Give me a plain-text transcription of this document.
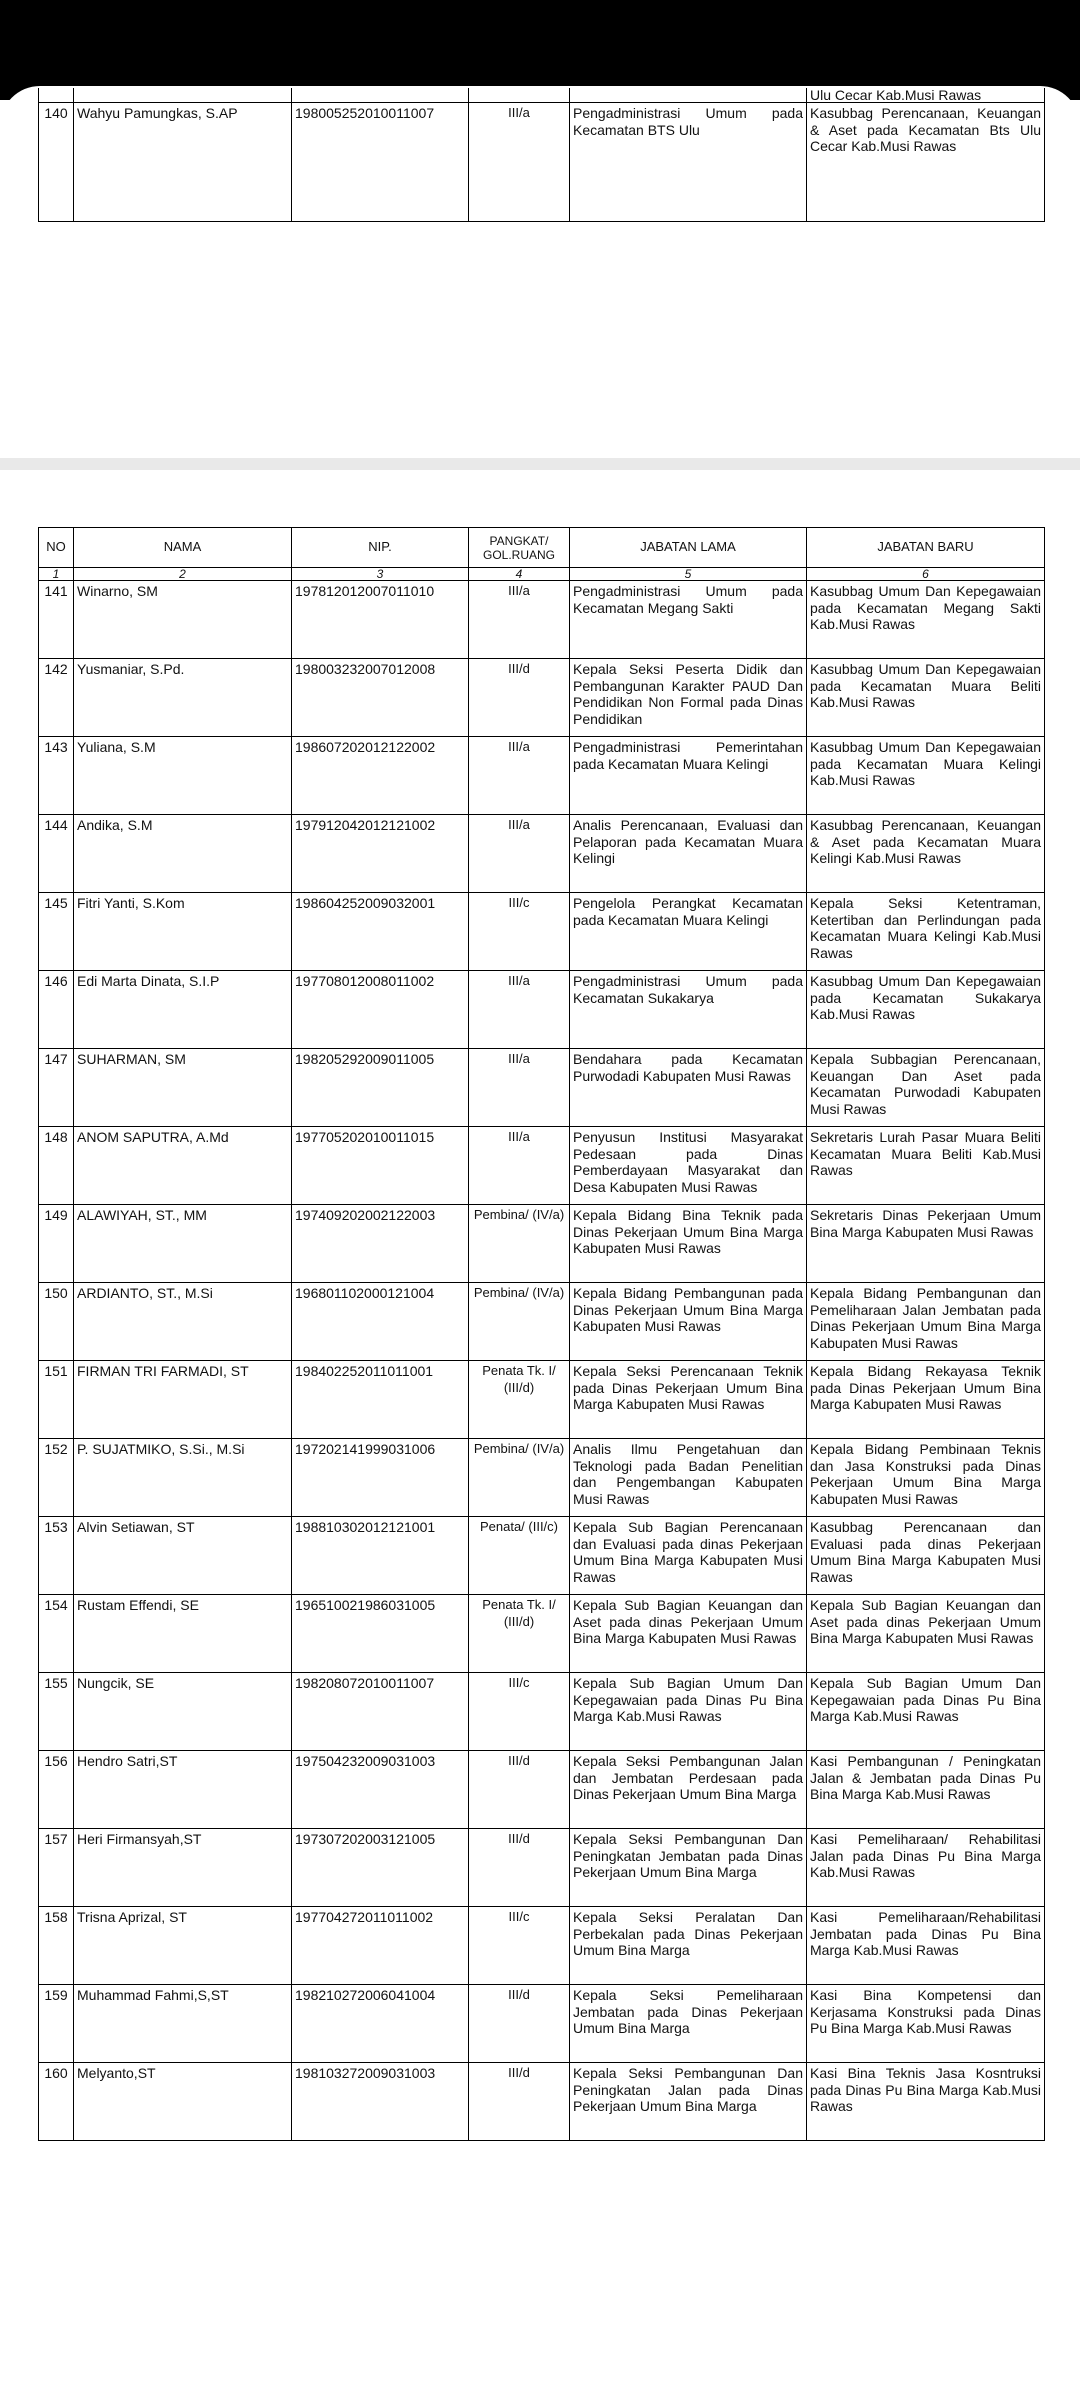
					Ulu Cecar Kab.Musi Rawas
140	Wahyu Pamungkas, S.AP	198005252010011007	III/a	Pengadministrasi Umum pada Kecamatan BTS Ulu	Kasubbag Perencanaan, Keuangan & Aset pada Kecamatan Bts Ulu Cecar Kab.Musi Rawas
NO	NAMA	NIP.	PANGKAT/ GOL.RUANG	JABATAN LAMA	JABATAN BARU
1	2	3	4	5	6
141	Winarno, SM	197812012007011010	III/a	Pengadministrasi Umum pada Kecamatan Megang Sakti	Kasubbag Umum Dan Kepegawaian pada Kecamatan Megang Sakti Kab.Musi Rawas
142	Yusmaniar, S.Pd.	198003232007012008	III/d	Kepala Seksi Peserta Didik dan Pembangunan Karakter PAUD Dan Pendidikan Non Formal pada Dinas Pendidikan	Kasubbag Umum Dan Kepegawaian pada Kecamatan Muara Beliti Kab.Musi Rawas
143	Yuliana, S.M	198607202012122002	III/a	Pengadministrasi Pemerintahan pada Kecamatan Muara Kelingi	Kasubbag Umum Dan Kepegawaian pada Kecamatan Muara Kelingi Kab.Musi Rawas
144	Andika, S.M	197912042012121002	III/a	Analis Perencanaan, Evaluasi dan Pelaporan pada Kecamatan Muara Kelingi	Kasubbag Perencanaan, Keuangan & Aset pada Kecamatan Muara Kelingi Kab.Musi Rawas
145	Fitri Yanti, S.Kom	198604252009032001	III/c	Pengelola Perangkat Kecamatan pada Kecamatan Muara Kelingi	Kepala Seksi Ketentraman, Ketertiban dan Perlindungan pada Kecamatan Muara Kelingi Kab.Musi Rawas
146	Edi Marta Dinata, S.I.P	197708012008011002	III/a	Pengadministrasi Umum pada Kecamatan Sukakarya	Kasubbag Umum Dan Kepegawaian pada Kecamatan Sukakarya Kab.Musi Rawas
147	SUHARMAN, SM	198205292009011005	III/a	Bendahara pada Kecamatan Purwodadi Kabupaten Musi Rawas	Kepala Subbagian Perencanaan, Keuangan Dan Aset pada Kecamatan Purwodadi Kabupaten Musi Rawas
148	ANOM SAPUTRA, A.Md	197705202010011015	III/a	Penyusun Institusi Masyarakat Pedesaan pada Dinas Pemberdayaan Masyarakat dan Desa Kabupaten Musi Rawas	Sekretaris Lurah Pasar Muara Beliti Kecamatan Muara Beliti Kab.Musi Rawas
149	ALAWIYAH, ST., MM	197409202002122003	Pembina/ (IV/a)	Kepala Bidang Bina Teknik pada Dinas Pekerjaan Umum Bina Marga Kabupaten Musi Rawas	Sekretaris Dinas Pekerjaan Umum Bina Marga Kabupaten Musi Rawas
150	ARDIANTO, ST., M.Si	196801102000121004	Pembina/ (IV/a)	Kepala Bidang Pembangunan pada Dinas Pekerjaan Umum Bina Marga Kabupaten Musi Rawas	Kepala Bidang Pembangunan dan Pemeliharaan Jalan Jembatan pada Dinas Pekerjaan Umum Bina Marga Kabupaten Musi Rawas
151	FIRMAN TRI FARMADI, ST	198402252011011001	Penata Tk. I/ (III/d)	Kepala Seksi Perencanaan Teknik pada Dinas Pekerjaan Umum Bina Marga Kabupaten Musi Rawas	Kepala Bidang Rekayasa Teknik pada Dinas Pekerjaan Umum Bina Marga Kabupaten Musi Rawas
152	P. SUJATMIKO, S.Si., M.Si	197202141999031006	Pembina/ (IV/a)	Analis Ilmu Pengetahuan dan Teknologi pada Badan Penelitian dan Pengembangan Kabupaten Musi Rawas	Kepala Bidang Pembinaan Teknis dan Jasa Konstruksi pada Dinas Pekerjaan Umum Bina Marga Kabupaten Musi Rawas
153	Alvin Setiawan, ST	198810302012121001	Penata/ (III/c)	Kepala Sub Bagian Perencanaan dan Evaluasi pada dinas Pekerjaan Umum Bina Marga Kabupaten Musi Rawas	Kasubbag Perencanaan dan Evaluasi pada dinas Pekerjaan Umum Bina Marga Kabupaten Musi Rawas
154	Rustam Effendi, SE	196510021986031005	Penata Tk. I/ (III/d)	Kepala Sub Bagian Keuangan dan Aset pada dinas Pekerjaan Umum Bina Marga Kabupaten Musi Rawas	Kepala Sub Bagian Keuangan dan Aset pada dinas Pekerjaan Umum Bina Marga Kabupaten Musi Rawas
155	Nungcik, SE	198208072010011007	III/c	Kepala Sub Bagian Umum Dan Kepegawaian pada Dinas Pu Bina Marga Kab.Musi Rawas	Kepala Sub Bagian Umum Dan Kepegawaian pada Dinas Pu Bina Marga Kab.Musi Rawas
156	Hendro Satri,ST	197504232009031003	III/d	Kepala Seksi Pembangunan Jalan dan Jembatan Perdesaan pada Dinas Pekerjaan Umum Bina Marga	Kasi Pembangunan / Peningkatan Jalan & Jembatan pada Dinas Pu Bina Marga Kab.Musi Rawas
157	Heri Firmansyah,ST	197307202003121005	III/d	Kepala Seksi Pembangunan Dan Peningkatan Jembatan pada Dinas Pekerjaan Umum Bina Marga	Kasi Pemeliharaan/ Rehabilitasi Jalan pada Dinas Pu Bina Marga Kab.Musi Rawas
158	Trisna Aprizal, ST	197704272011011002	III/c	Kepala Seksi Peralatan Dan Perbekalan pada Dinas Pekerjaan Umum Bina Marga	Kasi Pemeliharaan/Rehabilitasi Jembatan pada Dinas Pu Bina Marga Kab.Musi Rawas
159	Muhammad Fahmi,S,ST	198210272006041004	III/d	Kepala Seksi Pemeliharaan Jembatan pada Dinas Pekerjaan Umum Bina Marga	Kasi Bina Kompetensi dan Kerjasama Konstruksi pada Dinas Pu Bina Marga Kab.Musi Rawas
160	Melyanto,ST	198103272009031003	III/d	Kepala Seksi Pembangunan Dan Peningkatan Jalan pada Dinas Pekerjaan Umum Bina Marga	Kasi Bina Teknis Jasa Kosntruksi pada Dinas Pu Bina Marga Kab.Musi Rawas
